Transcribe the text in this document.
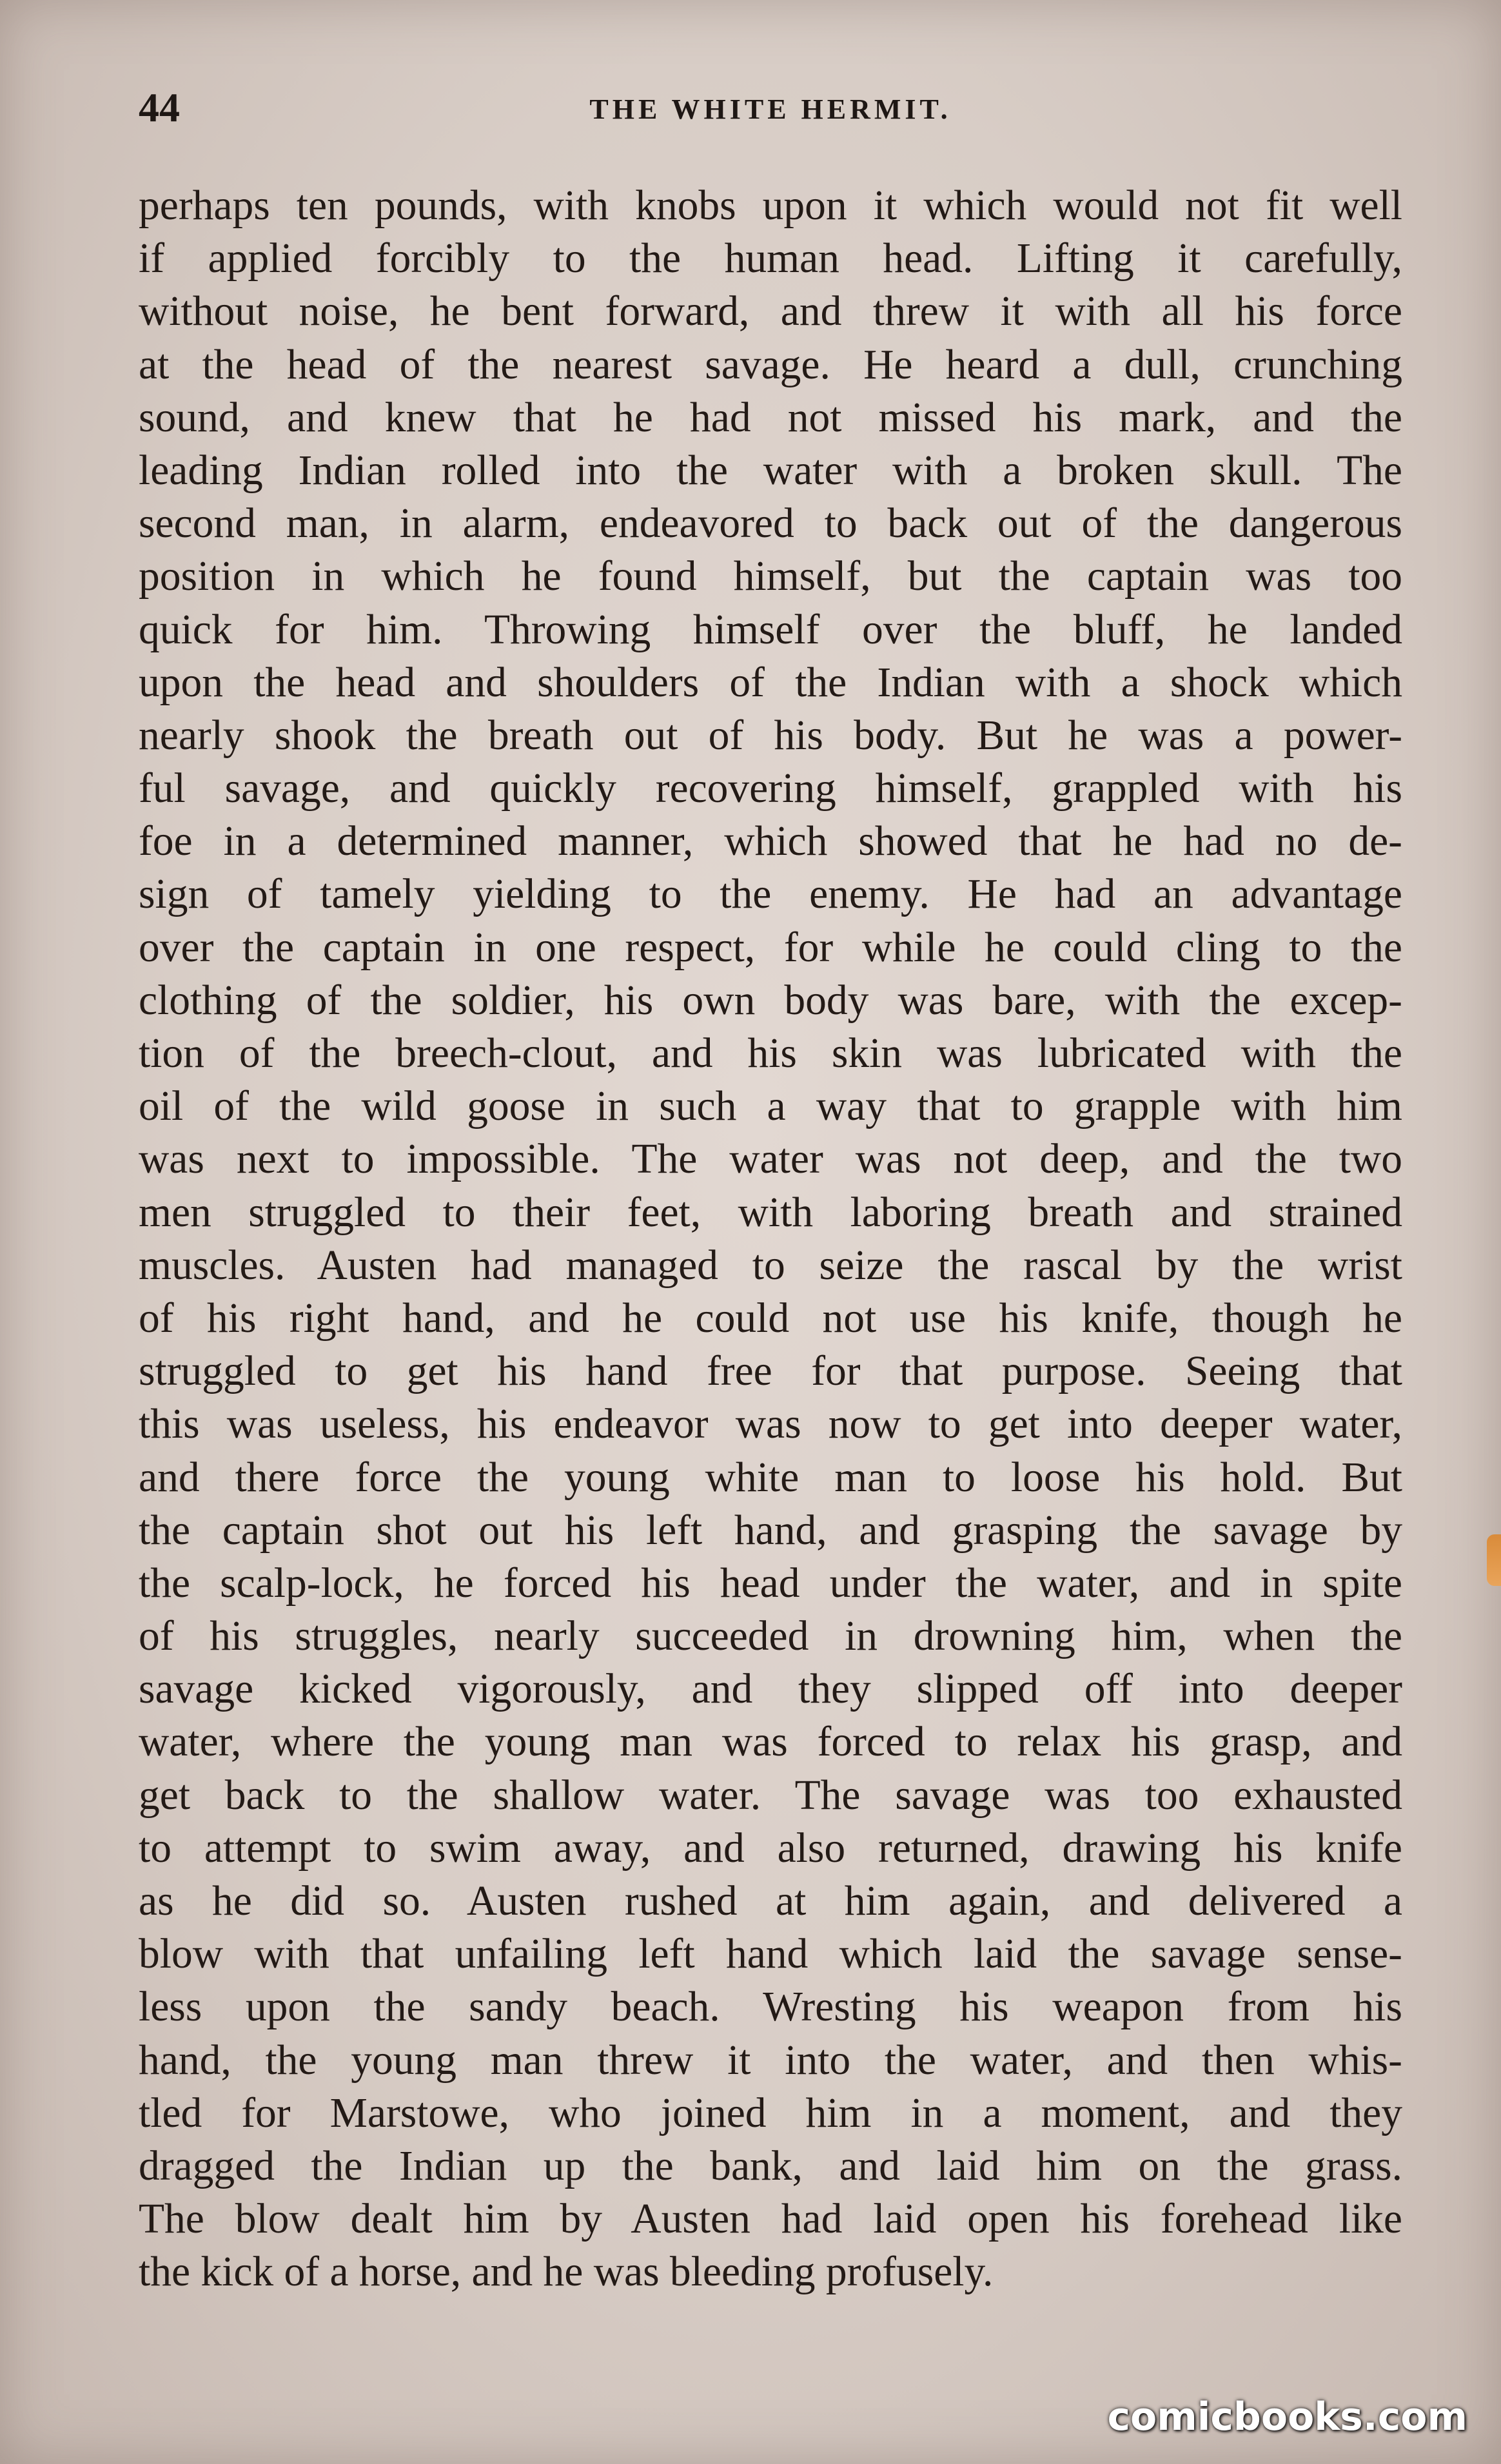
44	THE WHITE HERMIT.
perhaps ten pounds, with knobs upon it which would not fit well
if applied forcibly to the human head. Lifting it carefully,
without noise, he bent forward, and threw it with all his force
at the head of the nearest savage. He heard a dull, crunching
sound, and knew that he had not missed his mark, and the
leading Indian rolled into the water with a broken skull. The
second man, in alarm, endeavored to back out of the dangerous
position in which he found himself, but the captain was too
quick for him. Throwing himself over the bluff, he landed
upon the head and shoulders of the Indian with a shock which
nearly shook the breath out of his body. But he was a power-
ful savage, and quickly recovering himself, grappled with his
foe in a determined manner, which showed that he had no de-
sign of tamely yielding to the enemy. He had an advantage
over the captain in one respect, for while he could cling to the
clothing of the soldier, his own body was bare, with the excep-
tion of the breech-clout, and his skin was lubricated with the
oil of the wild goose in such a way that to grapple with him
was next to impossible. The water was not deep, and the two
men struggled to their feet, with laboring breath and strained
muscles. Austen had managed to seize the rascal by the wrist
of his right hand, and he could not use his knife, though he
struggled to get his hand free for that purpose. Seeing that
this was useless, his endeavor was now to get into deeper water,
and there force the young white man to loose his hold. But
the captain shot out his left hand, and grasping the savage by
the scalp-lock, he forced his head under the water, and in spite
of his struggles, nearly succeeded in drowning him, when the
savage kicked vigorously, and they slipped off into deeper
water, where the young man was forced to relax his grasp, and
get back to the shallow water. The savage was too exhausted
to attempt to swim away, and also returned, drawing his knife
as he did so. Austen rushed at him again, and delivered a
blow with that unfailing left hand which laid the savage sense-
less upon the sandy beach. Wresting his weapon from his
hand, the young man threw it into the water, and then whis-
tled for Marstowe, who joined him in a moment, and they
dragged the Indian up the bank, and laid him on the grass.
The blow dealt him by Austen had laid open his forehead like
the kick of a horse, and he was bleeding profusely.
comicbooks.com
